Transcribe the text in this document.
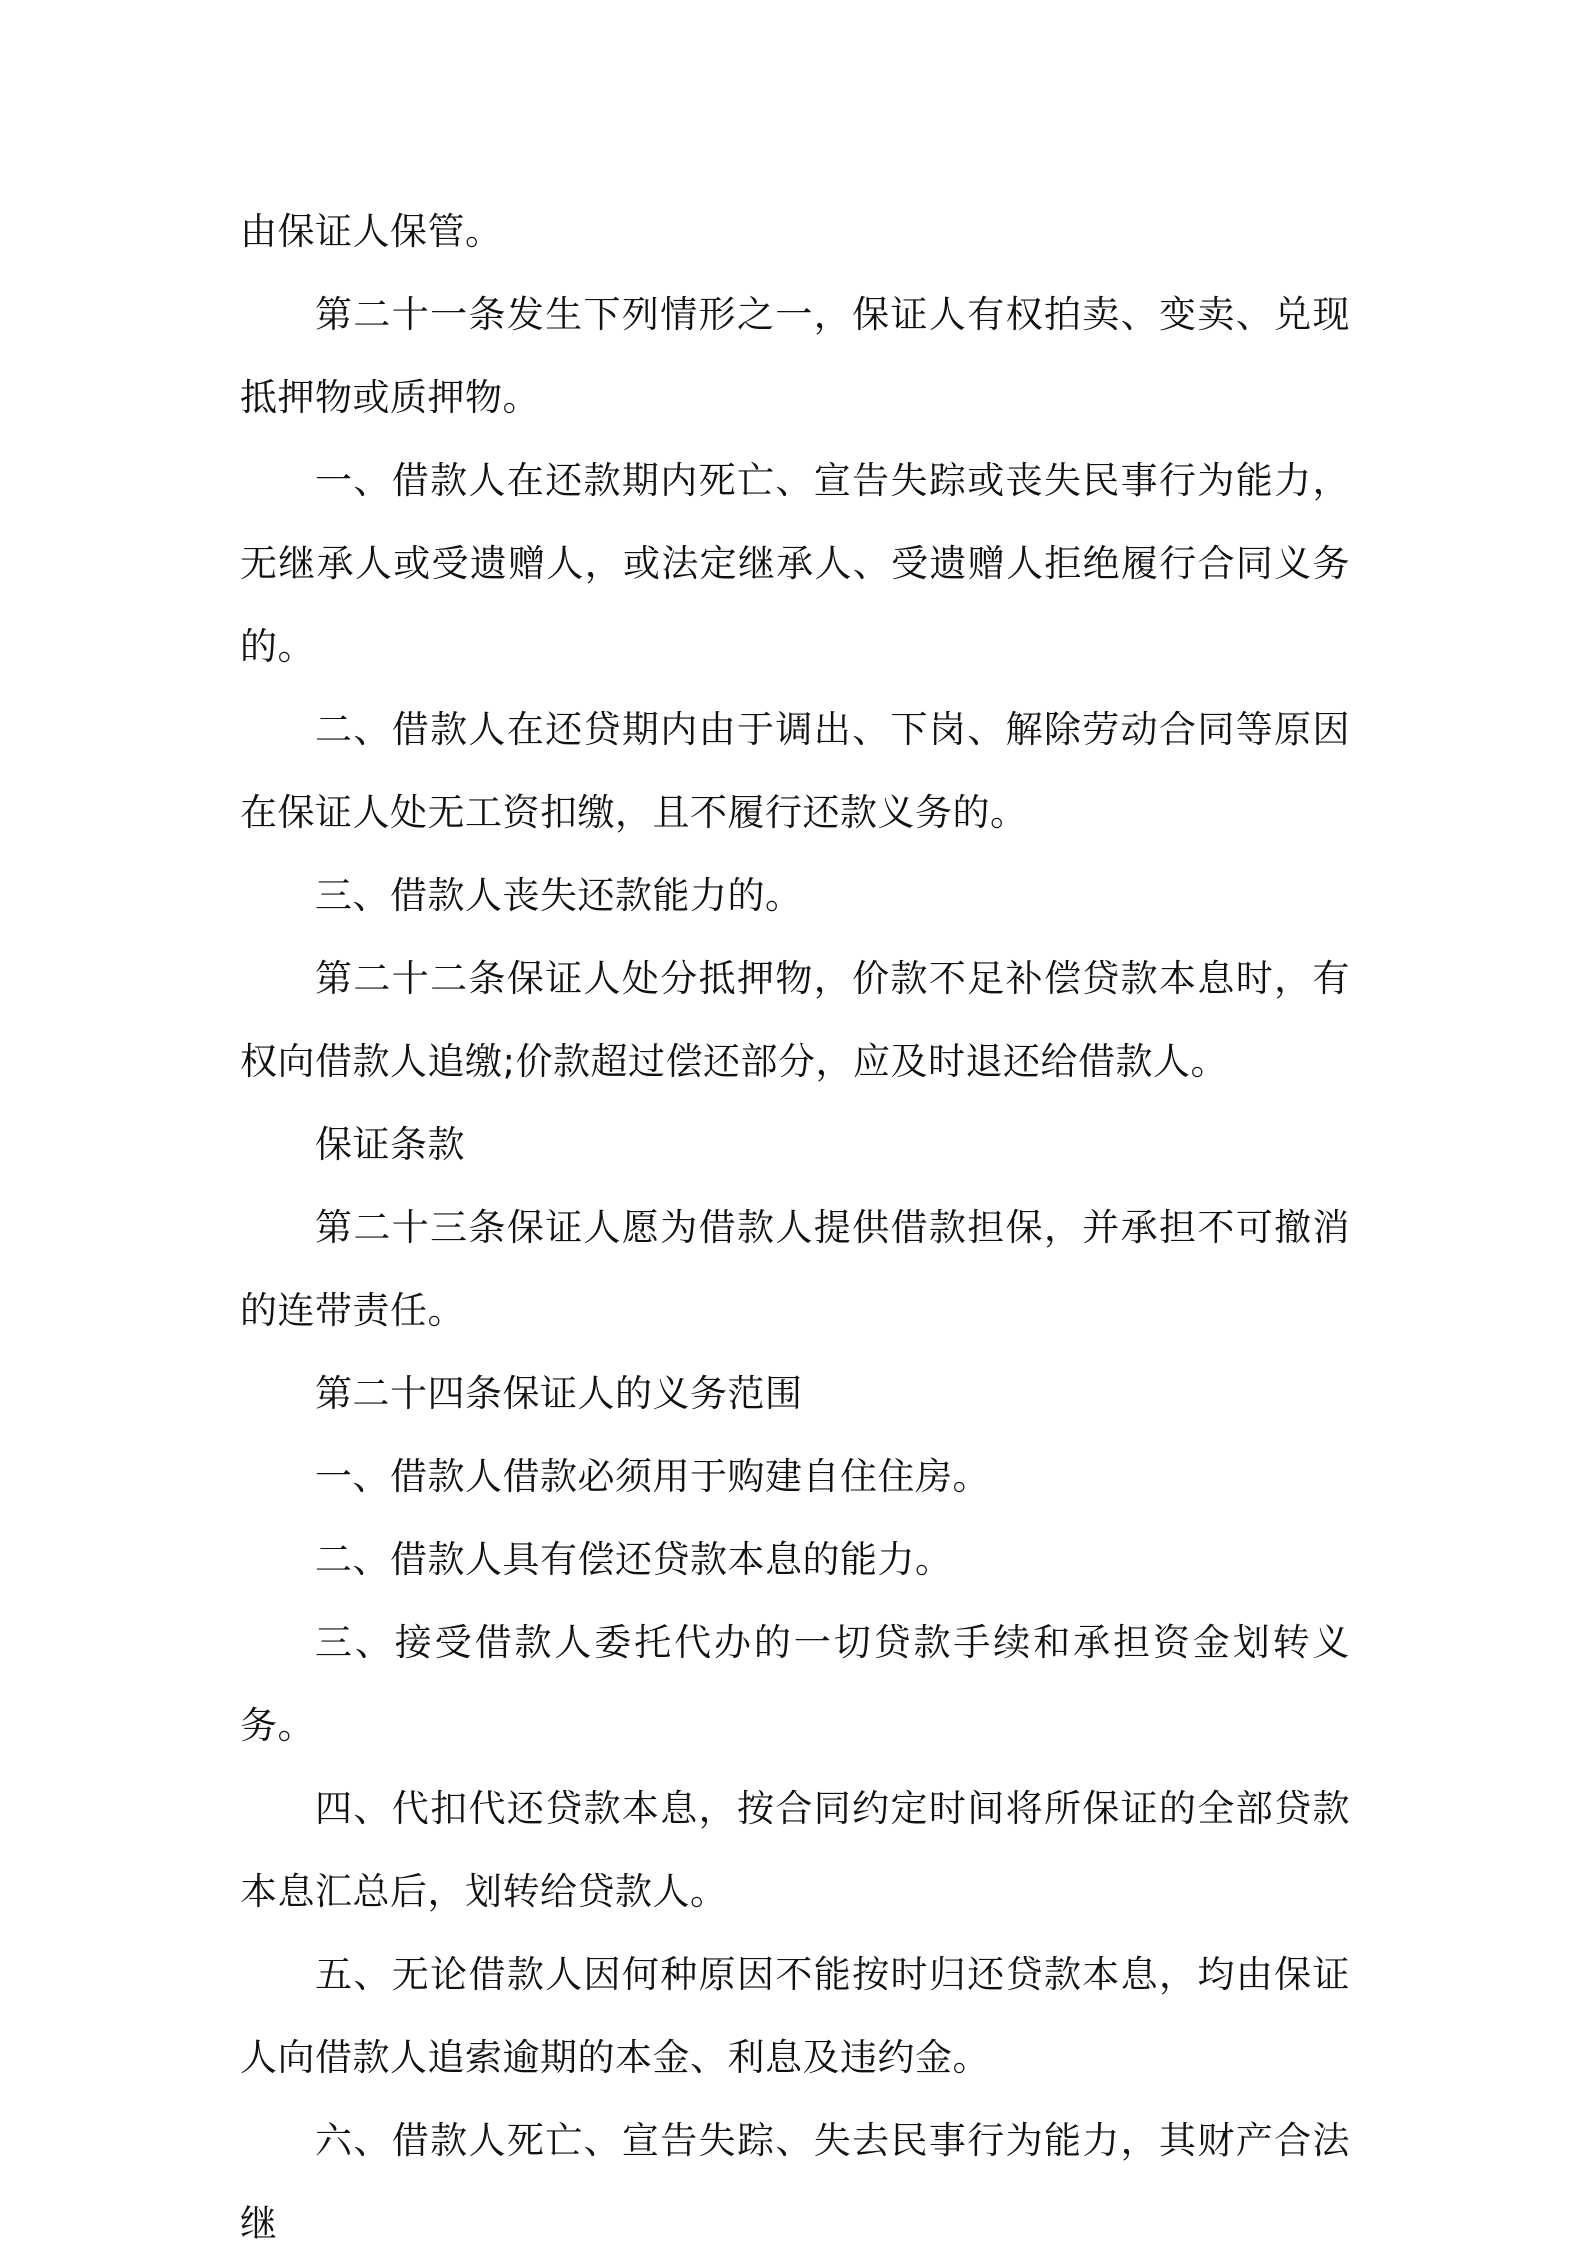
由保证人保管。

第二十一条发生下列情形之一，保证人有权拍卖、变卖、兑现抵押物或质押物。

一、借款人在还款期内死亡、宣告失踪或丧失民事行为能力，无继承人或受遗赠人，或法定继承人、受遗赠人拒绝履行合同义务的。

二、借款人在还贷期内由于调出、下岗、解除劳动合同等原因在保证人处无工资扣缴，且不履行还款义务的。

三、借款人丧失还款能力的。

第二十二条保证人处分抵押物，价款不足补偿贷款本息时，有权向借款人追缴;价款超过偿还部分，应及时退还给借款人。

保证条款

第二十三条保证人愿为借款人提供借款担保，并承担不可撤消的连带责任。

第二十四条保证人的义务范围

一、借款人借款必须用于购建自住住房。

二、借款人具有偿还贷款本息的能力。

三、接受借款人委托代办的一切贷款手续和承担资金划转义务。

四、代扣代还贷款本息，按合同约定时间将所保证的全部贷款本息汇总后，划转给贷款人。

五、无论借款人因何种原因不能按时归还贷款本息，均由保证人向借款人追索逾期的本金、利息及违约金。

六、借款人死亡、宣告失踪、失去民事行为能力，其财产合法继
